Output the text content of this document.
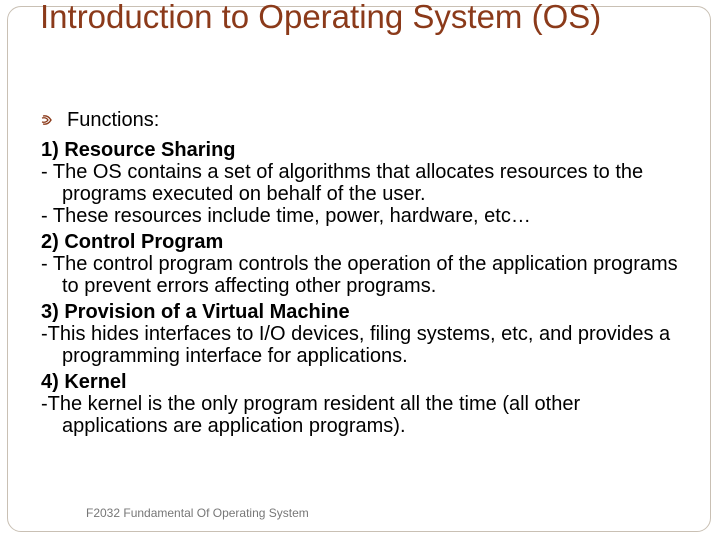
Introduction to Operating System (OS)
Functions:
1) Resource Sharing
- The OS contains a set of algorithms that allocates resources to the programs executed on behalf of the user.
- These resources include time, power, hardware, etc…
2) Control Program
- The control program controls the operation of the application programs to prevent errors affecting other programs.
3) Provision of a Virtual Machine
-This hides interfaces to I/O devices, filing systems, etc, and provides a programming interface for applications.
4) Kernel
-The kernel is the only program resident all the time (all other applications are application programs).
F2032 Fundamental Of Operating System
